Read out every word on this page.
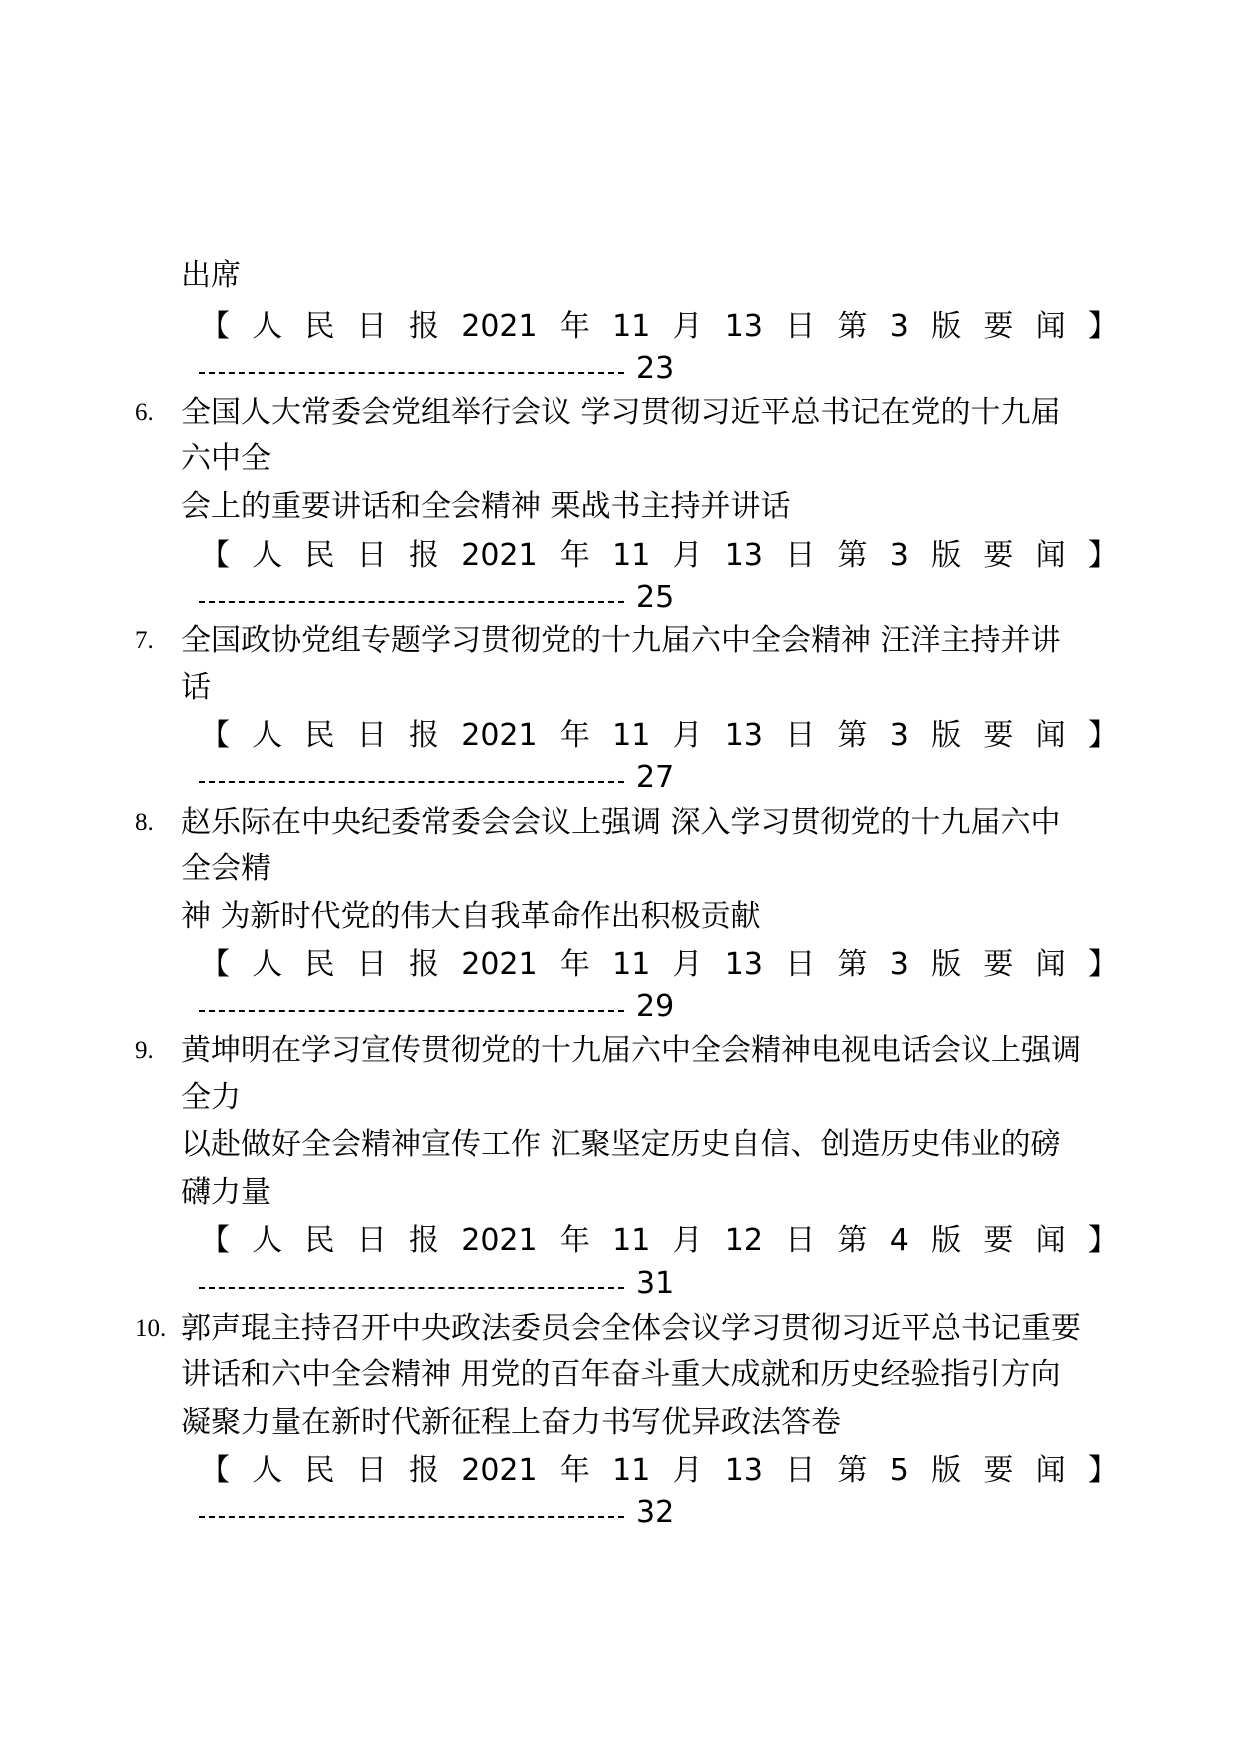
出席
【 人 民 日 报 2021 年 11 月 13 日 第 3 版 要 闻 】
23
6. 全国人大常委会党组举行会议 学习贯彻习近平总书记在党的十九届
六中全
会上的重要讲话和全会精神 栗战书主持并讲话
【 人 民 日 报 2021 年 11 月 13 日 第 3 版 要 闻 】
25
7. 全国政协党组专题学习贯彻党的十九届六中全会精神 汪洋主持并讲
话
【 人 民 日 报 2021 年 11 月 13 日 第 3 版 要 闻 】
27
8. 赵乐际在中央纪委常委会会议上强调 深入学习贯彻党的十九届六中
全会精
神 为新时代党的伟大自我革命作出积极贡献
【 人 民 日 报 2021 年 11 月 13 日 第 3 版 要 闻 】
29
9. 黄坤明在学习宣传贯彻党的十九届六中全会精神电视电话会议上强调
全力
以赴做好全会精神宣传工作 汇聚坚定历史自信、创造历史伟业的磅
礴力量
【 人 民 日 报 2021 年 11 月 12 日 第 4 版 要 闻 】
31
10. 郭声琨主持召开中央政法委员会全体会议学习贯彻习近平总书记重要
讲话和六中全会精神 用党的百年奋斗重大成就和历史经验指引方向
凝聚力量在新时代新征程上奋力书写优异政法答卷
【 人 民 日 报 2021 年 11 月 13 日 第 5 版 要 闻 】
32
